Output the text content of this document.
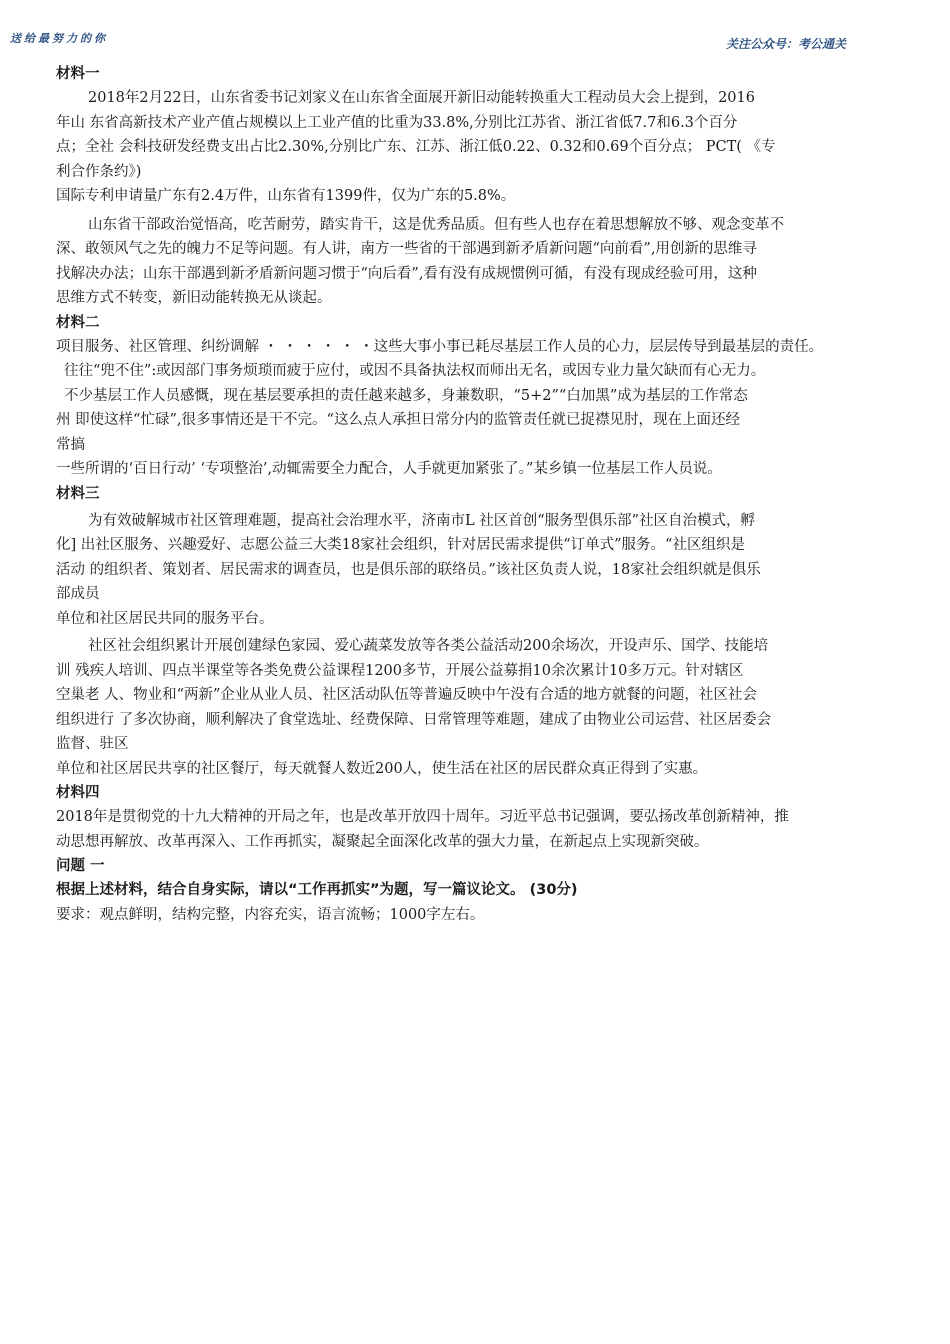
送给最努力的你	关注公众号：考公通关
材料一
2018年2月22日，山东省委书记刘家义在山东省全面展开新旧动能转换重大工程动员大会上提到，2016
年山 东省高新技术产业产值占规模以上工业产值的比重为33.8%,分别比江苏省、浙江省低7.7和6.3个百分
点；全社 会科技研发经费支出占比2.30%,分别比广东、江苏、浙江低0.22、0.32和0.69个百分点； PCT( 《专
利合作条约》)
国际专利申请量广东有2.4万件，山东省有1399件，仅为广东的5.8%。
山东省干部政治觉悟高，吃苦耐劳，踏实肯干，这是优秀品质。但有些人也存在着思想解放不够、观念变革不
深、敢领风气之先的魄力不足等问题。有人讲，南方一些省的干部遇到新矛盾新问题“向前看”,用创新的思维寻
找解决办法；山东干部遇到新矛盾新问题习惯于“向后看”,看有没有成规惯例可循，有没有现成经验可用，这种
思维方式不转变，新旧动能转换无从谈起。
材料二
项目服务、社区管理、纠纷调解 ・ ・ ・ ・ ・ ・这些大事小事已耗尽基层工作人员的心力，层层传导到最基层的责任。
往往“兜不住”:或因部门事务烦琐而疲于应付，或因不具备执法权而师出无名，或因专业力量欠缺而有心无力。
不少基层工作人员感慨，现在基层要承担的责任越来越多，身兼数职，“5+2”“白加黑”成为基层的工作常态
州 即使这样“忙碌”,很多事情还是干不完。“这么点人承担日常分内的监管责任就已捉襟见肘，现在上面还经
常搞
一些所谓的‘百日行动’ ‘专项整治’,动辄需要全力配合，人手就更加紧张了。”某乡镇一位基层工作人员说。
材料三
为有效破解城市社区管理难题，提高社会治理水平，济南市L 社区首创“服务型俱乐部”社区自治模式，孵
化] 出社区服务、兴趣爱好、志愿公益三大类18家社会组织，针对居民需求提供“订单式”服务。“社区组织是
活动 的组织者、策划者、居民需求的调查员，也是俱乐部的联络员。”该社区负责人说，18家社会组织就是俱乐
部成员
单位和社区居民共同的服务平台。
社区社会组织累计开展创建绿色家园、爱心蔬菜发放等各类公益活动200余场次，开设声乐、国学、技能培
训 残疾人培训、四点半课堂等各类免费公益课程1200多节，开展公益募捐10余次累计10多万元。针对辖区
空巢老 人、物业和“两新”企业从业人员、社区活动队伍等普遍反映中午没有合适的地方就餐的问题，社区社会
组织进行 了多次协商，顺利解决了食堂选址、经费保障、日常管理等难题，建成了由物业公司运营、社区居委会
监督、驻区
单位和社区居民共享的社区餐厅，每天就餐人数近200人，使生活在社区的居民群众真正得到了实惠。
材料四
2018年是贯彻党的十九大精神的开局之年，也是改革开放四十周年。习近平总书记强调，要弘扬改革创新精神，推
动思想再解放、改革再深入、工作再抓实，凝聚起全面深化改革的强大力量，在新起点上实现新突破。
问题 一
根据上述材料，结合自身实际，请以“工作再抓实”为题，写一篇议论文。 (30分)
要求：观点鲜明，结构完整，内容充实，语言流畅；1000字左右。
